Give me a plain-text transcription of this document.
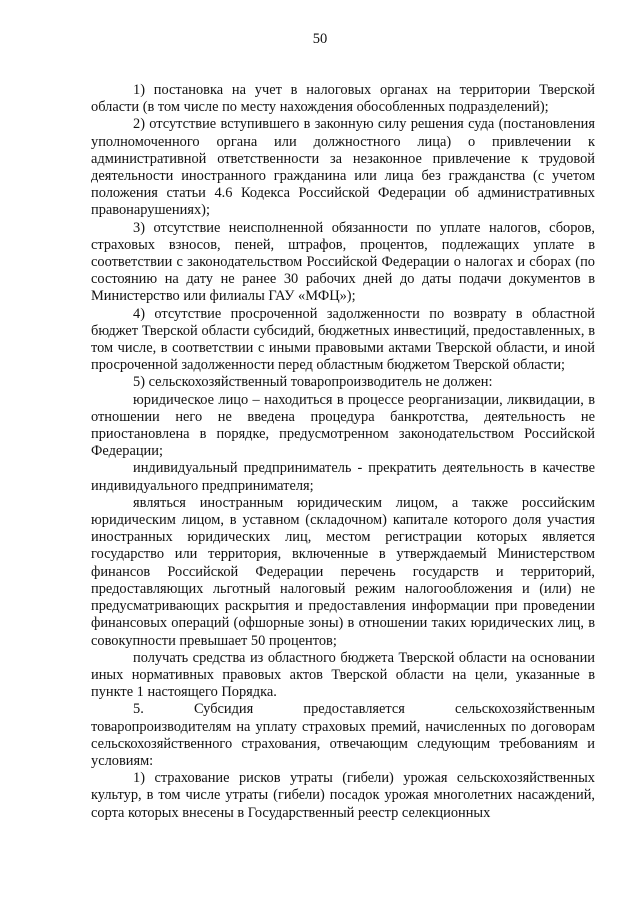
50

1) постановка на учет в налоговых органах на территории Тверской области (в том числе по месту нахождения обособленных подразделений);

2) отсутствие вступившего в законную силу решения суда (постановления уполномоченного органа или должностного лица) о привлечении к административной ответственности за незаконное привлечение к трудовой деятельности иностранного гражданина или лица без гражданства (с учетом положения статьи 4.6 Кодекса Российской Федерации об административных правонарушениях);

3) отсутствие неисполненной обязанности по уплате налогов, сборов, страховых взносов, пеней, штрафов, процентов, подлежащих уплате в соответствии с законодательством Российской Федерации о налогах и сборах (по состоянию на дату не ранее 30 рабочих дней до даты подачи документов в Министерство или филиалы ГАУ «МФЦ»);

4) отсутствие просроченной задолженности по возврату в областной бюджет Тверской области субсидий, бюджетных инвестиций, предоставленных, в том числе, в соответствии с иными правовыми актами Тверской области, и иной просроченной задолженности перед областным бюджетом Тверской области;

5) сельскохозяйственный товаропроизводитель не должен:

юридическое лицо – находиться в процессе реорганизации, ликвидации, в отношении него не введена процедура банкротства, деятельность не приостановлена в порядке, предусмотренном законодательством Российской Федерации;

индивидуальный предприниматель - прекратить деятельность в качестве индивидуального предпринимателя;

являться иностранным юридическим лицом, а также российским юридическим лицом, в уставном (складочном) капитале которого доля участия иностранных юридических лиц, местом регистрации которых является государство или территория, включенные в утверждаемый Министерством финансов Российской Федерации перечень государств и территорий, предоставляющих льготный налоговый режим налогообложения и (или) не предусматривающих раскрытия и предоставления информации при проведении финансовых операций (офшорные зоны) в отношении таких юридических лиц, в совокупности превышает 50 процентов;

получать средства из областного бюджета Тверской области на основании иных нормативных правовых актов Тверской области на цели, указанные в пункте 1 настоящего Порядка.

5. Субсидия предоставляется сельскохозяйственным товаропроизводителям на уплату страховых премий, начисленных по договорам сельскохозяйственного страхования, отвечающим следующим требованиям и условиям:

1) страхование рисков утраты (гибели) урожая сельскохозяйственных культур, в том числе утраты (гибели) посадок урожая многолетних насаждений, сорта которых внесены в Государственный реестр селекционных
